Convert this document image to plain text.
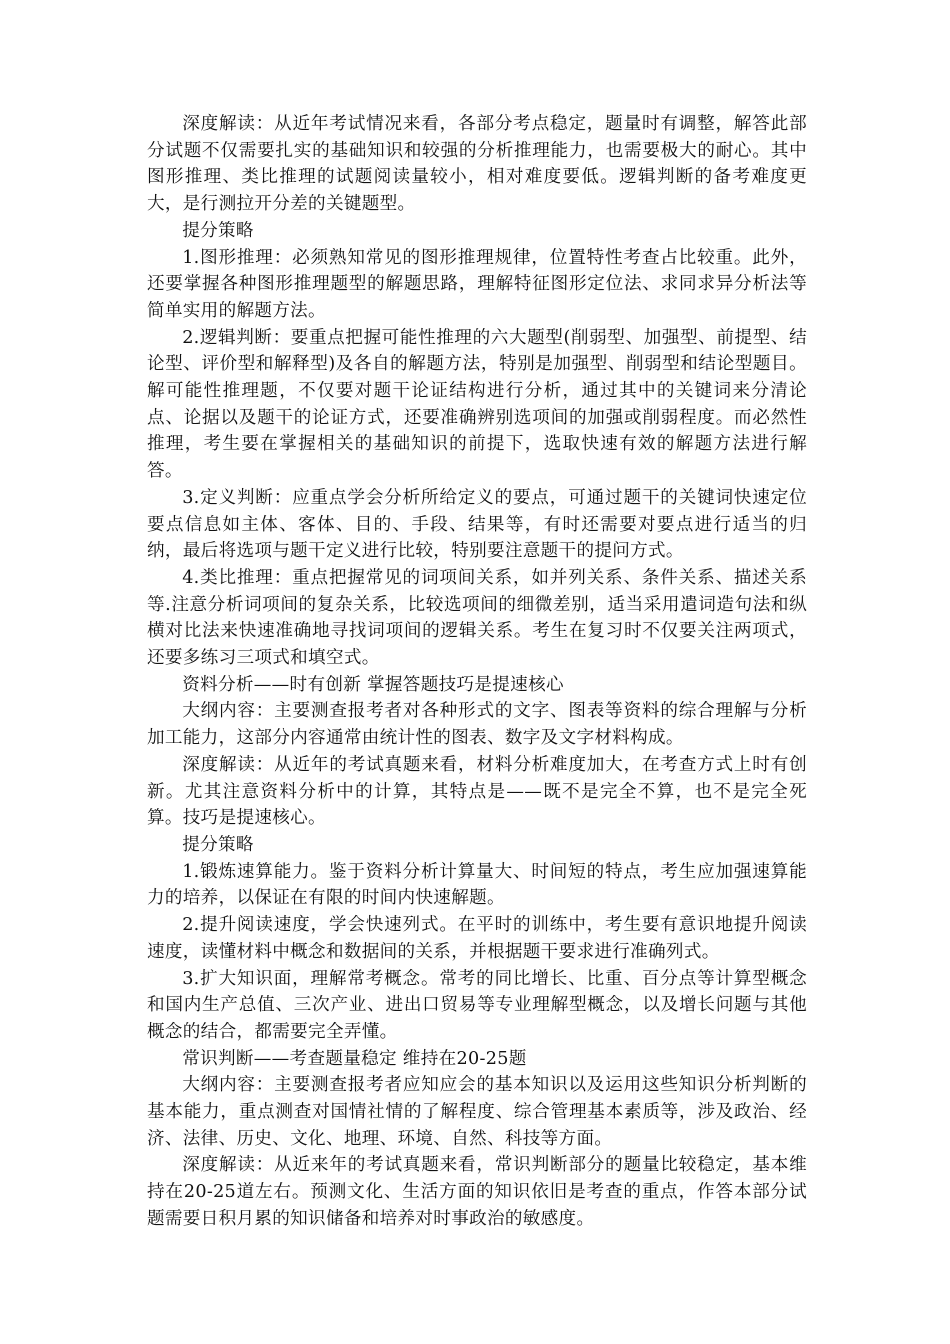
深度解读：从近年考试情况来看，各部分考点稳定，题量时有调整，解答此部分试题不仅需要扎实的基础知识和较强的分析推理能力，也需要极大的耐心。其中图形推理、类比推理的试题阅读量较小，相对难度要低。逻辑判断的备考难度更大，是行测拉开分差的关键题型。

提分策略

1.图形推理：必须熟知常见的图形推理规律，位置特性考查占比较重。此外，还要掌握各种图形推理题型的解题思路，理解特征图形定位法、求同求异分析法等简单实用的解题方法。

2.逻辑判断：要重点把握可能性推理的六大题型(削弱型、加强型、前提型、结论型、评价型和解释型)及各自的解题方法，特别是加强型、削弱型和结论型题目。解可能性推理题，不仅要对题干论证结构进行分析，通过其中的关键词来分清论点、论据以及题干的论证方式，还要准确辨别选项间的加强或削弱程度。而必然性推理，考生要在掌握相关的基础知识的前提下，选取快速有效的解题方法进行解答。

3.定义判断：应重点学会分析所给定义的要点，可通过题干的关键词快速定位要点信息如主体、客体、目的、手段、结果等，有时还需要对要点进行适当的归纳，最后将选项与题干定义进行比较，特别要注意题干的提问方式。

4.类比推理：重点把握常见的词项间关系，如并列关系、条件关系、描述关系等.注意分析词项间的复杂关系，比较选项间的细微差别，适当采用遣词造句法和纵横对比法来快速准确地寻找词项间的逻辑关系。考生在复习时不仅要关注两项式，还要多练习三项式和填空式。

资料分析——时有创新 掌握答题技巧是提速核心

大纲内容：主要测查报考者对各种形式的文字、图表等资料的综合理解与分析加工能力，这部分内容通常由统计性的图表、数字及文字材料构成。

深度解读：从近年的考试真题来看，材料分析难度加大，在考查方式上时有创新。尤其注意资料分析中的计算，其特点是——既不是完全不算，也不是完全死算。技巧是提速核心。

提分策略

1.锻炼速算能力。鉴于资料分析计算量大、时间短的特点，考生应加强速算能力的培养，以保证在有限的时间内快速解题。

2.提升阅读速度，学会快速列式。在平时的训练中，考生要有意识地提升阅读速度，读懂材料中概念和数据间的关系，并根据题干要求进行准确列式。

3.扩大知识面，理解常考概念。常考的同比增长、比重、百分点等计算型概念和国内生产总值、三次产业、进出口贸易等专业理解型概念，以及增长问题与其他概念的结合，都需要完全弄懂。

常识判断——考查题量稳定 维持在20-25题

大纲内容：主要测查报考者应知应会的基本知识以及运用这些知识分析判断的基本能力，重点测查对国情社情的了解程度、综合管理基本素质等，涉及政治、经济、法律、历史、文化、地理、环境、自然、科技等方面。

深度解读：从近来年的考试真题来看，常识判断部分的题量比较稳定，基本维持在20-25道左右。预测文化、生活方面的知识依旧是考查的重点，作答本部分试题需要日积月累的知识储备和培养对时事政治的敏感度。
